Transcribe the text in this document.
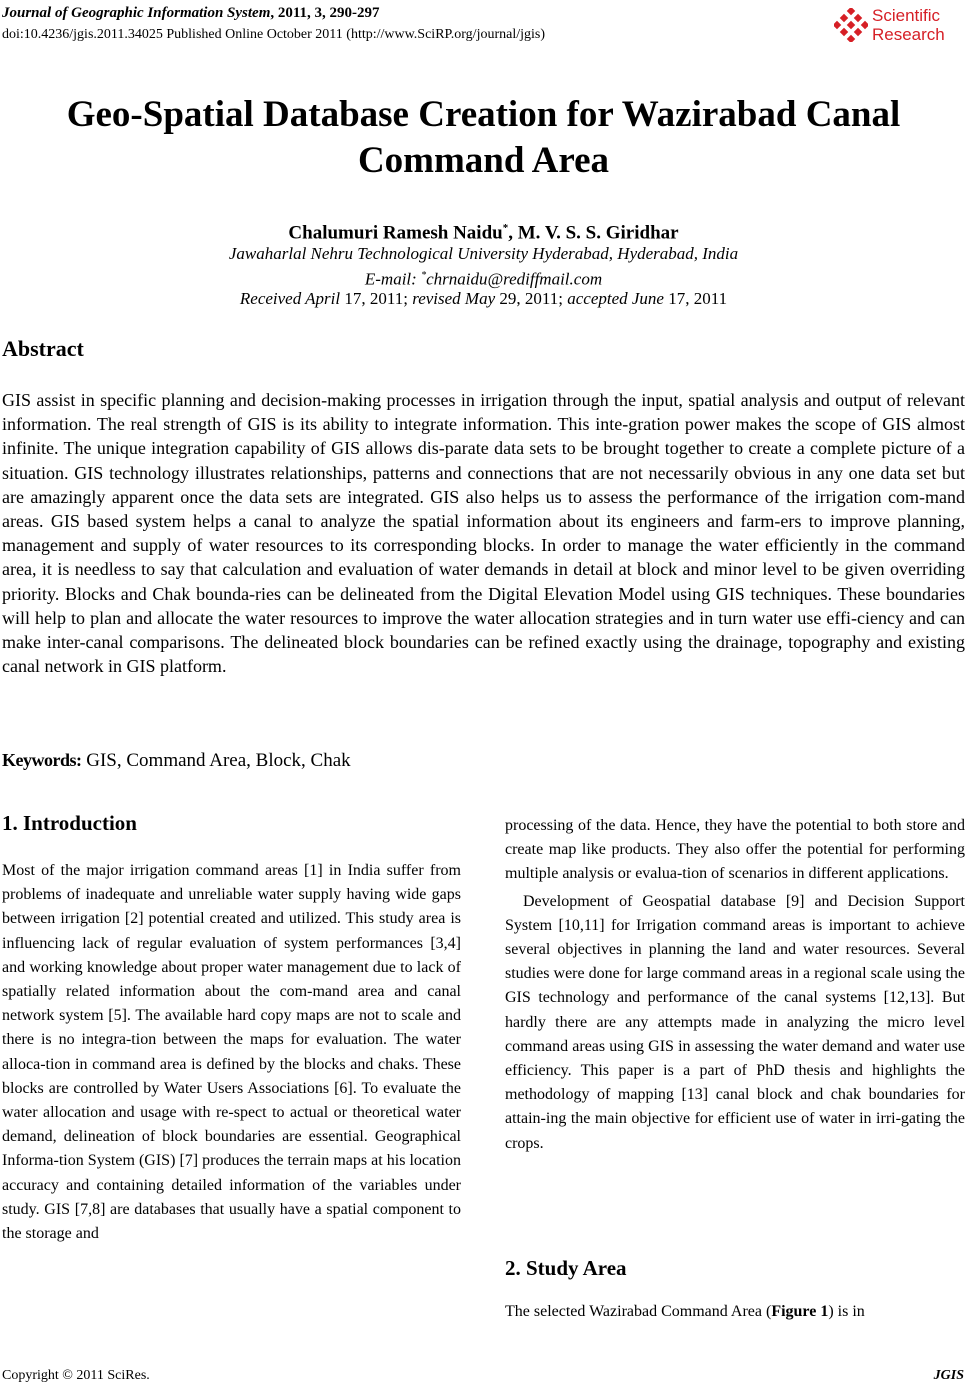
Journal of Geographic Information System, 2011, 3, 290-297
doi:10.4236/jgis.2011.34025 Published Online October 2011 (http://www.SciRP.org/journal/jgis)
Scientific
Research
Geo-Spatial Database Creation for Wazirabad Canal
Command Area
Chalumuri Ramesh Naidu*, M. V. S. S. Giridhar
Jawaharlal Nehru Technological University Hyderabad, Hyderabad, India
E-mail: *chrnaidu@rediffmail.com
Received April 17, 2011; revised May 29, 2011; accepted June 17, 2011
Abstract
GIS assist in specific planning and decision-making processes in irrigation through the input, spatial analysis and output of relevant information. The real strength of GIS is its ability to integrate information. This inte-gration power makes the scope of GIS almost infinite. The unique integration capability of GIS allows dis-parate data sets to be brought together to create a complete picture of a situation. GIS technology illustrates relationships, patterns and connections that are not necessarily obvious in any one data set but are amazingly apparent once the data sets are integrated. GIS also helps us to assess the performance of the irrigation com-mand areas. GIS based system helps a canal to analyze the spatial information about its engineers and farm-ers to improve planning, management and supply of water resources to its corresponding blocks. In order to manage the water efficiently in the command area, it is needless to say that calculation and evaluation of water demands in detail at block and minor level to be given overriding priority. Blocks and Chak bounda-ries can be delineated from the Digital Elevation Model using GIS techniques. These boundaries will help to plan and allocate the water resources to improve the water allocation strategies and in turn water use effi-ciency and can make inter-canal comparisons. The delineated block boundaries can be refined exactly using the drainage, topography and existing canal network in GIS platform.
Keywords: GIS, Command Area, Block, Chak
1. Introduction

Most of the major irrigation command areas [1] in India suffer from problems of inadequate and unreliable water supply having wide gaps between irrigation [2] potential created and utilized. This study area is influencing lack of regular evaluation of system performances [3,4] and working knowledge about proper water management due to lack of spatially related information about the com-mand area and canal network system [5]. The available hard copy maps are not to scale and there is no integra-tion between the maps for evaluation. The water alloca-tion in command area is defined by the blocks and chaks. These blocks are controlled by Water Users Associations [6]. To evaluate the water allocation and usage with re-spect to actual or theoretical water demand, delineation of block boundaries are essential. Geographical Informa-tion System (GIS) [7] produces the terrain maps at his location accuracy and containing detailed information of the variables under study. GIS [7,8] are databases that usually have a spatial component to the storage and

processing of the data. Hence, they have the potential to both store and create map like products. They also offer the potential for performing multiple analysis or evalua-tion of scenarios in different applications.

Development of Geospatial database [9] and Decision Support System [10,11] for Irrigation command areas is important to achieve several objectives in planning the land and water resources. Several studies were done for large command areas in a regional scale using the GIS technology and performance of the canal systems [12,13]. But hardly there are any attempts made in analyzing the micro level command areas using GIS in assessing the water demand and water use efficiency. This paper is a part of PhD thesis and highlights the methodology of mapping [13] canal block and chak boundaries for attain-ing the main objective for efficient use of water in irri-gating the crops.

2. Study Area
The selected Wazirabad Command Area (Figure 1) is in
Copyright © 2011 SciRes.	JGIS
